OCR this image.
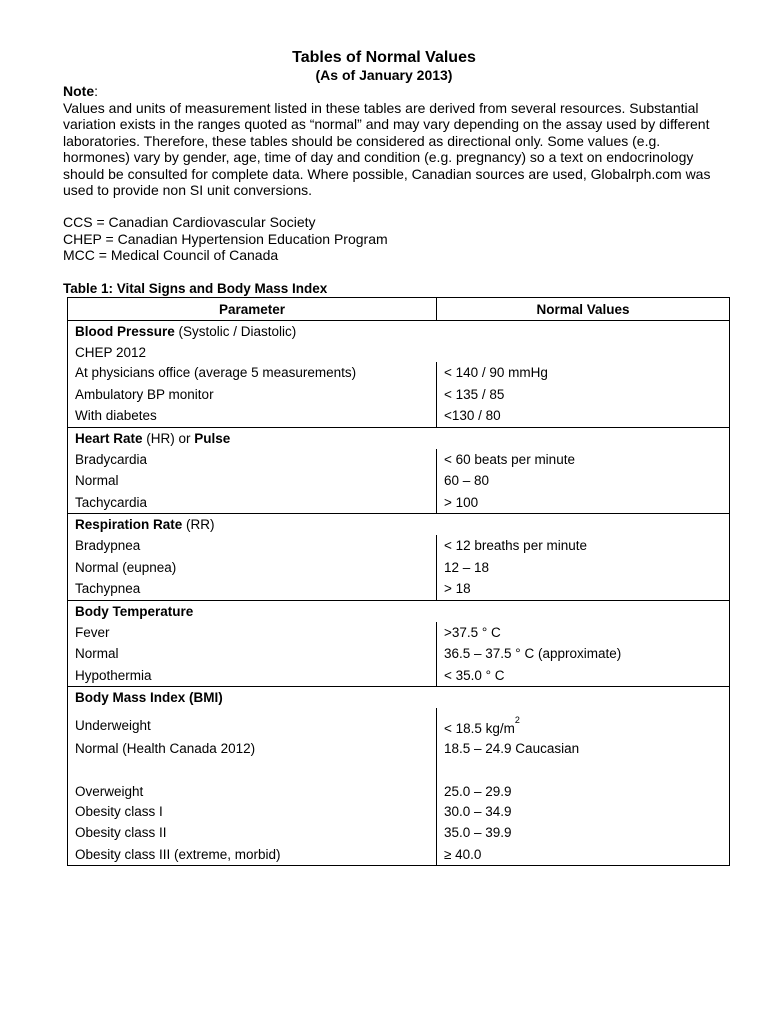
Tables of Normal Values
(As of January 2013)
Note:
Values and units of measurement listed in these tables are derived from several resources. Substantial variation exists in the ranges quoted as “normal” and may vary depending on the assay used by different laboratories. Therefore, these tables should be considered as directional only. Some values (e.g. hormones) vary by gender, age, time of day and condition (e.g. pregnancy) so a text on endocrinology should be consulted for complete data. Where possible, Canadian sources are used, Globalrph.com was used to provide non SI unit conversions.
CCS = Canadian Cardiovascular Society
CHEP = Canadian Hypertension Education Program
MCC = Medical Council of Canada
Table 1: Vital Signs and Body Mass Index
Parameter	Normal Values
Blood Pressure (Systolic / Diastolic)	
CHEP 2012	
At physicians office (average 5 measurements)	< 140 / 90 mmHg
Ambulatory BP monitor	< 135 / 85
With diabetes	<130 / 80
Heart Rate (HR) or Pulse	
Bradycardia	< 60 beats per minute
Normal	60 – 80
Tachycardia	> 100
Respiration Rate (RR)	
Bradypnea	< 12 breaths per minute
Normal (eupnea)	12 – 18
Tachypnea	> 18
Body Temperature	
Fever	>37.5 ° C
Normal	36.5 – 37.5 ° C (approximate)
Hypothermia	< 35.0 ° C
Body Mass Index (BMI)	
Underweight	< 18.5 $kg/m^2$
Normal (Health Canada 2012)	18.5 – 24.9 Caucasian

Overweight	25.0 – 29.9
Obesity class I	30.0 – 34.9
Obesity class II	35.0 – 39.9
Obesity class III (extreme, morbid)	≥ 40.0
